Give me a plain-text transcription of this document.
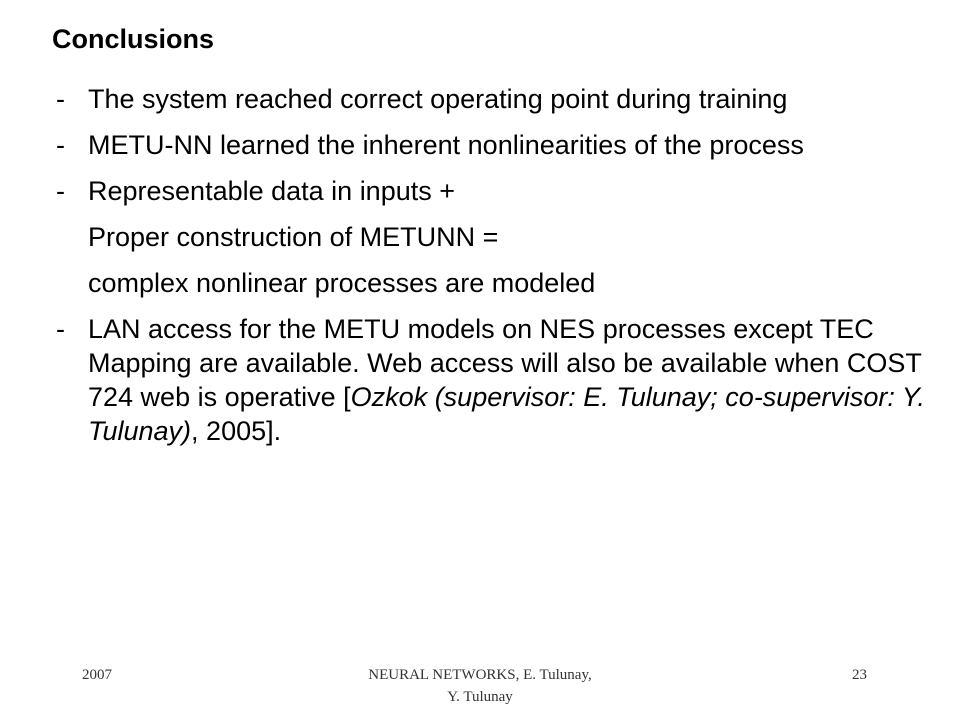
Conclusions
- The system reached correct operating point during training
- METU-NN learned the inherent nonlinearities of the process
- Representable data in inputs +
Proper construction of METUNN =
complex nonlinear processes are modeled
- LAN access for the METU models on NES processes except TEC Mapping are available. Web access will also be available when COST 724 web is operative [Ozkok (supervisor: E. Tulunay; co-supervisor: Y. Tulunay), 2005].
2007	NEURAL NETWORKS, E. Tulunay,
Y. Tulunay
23
